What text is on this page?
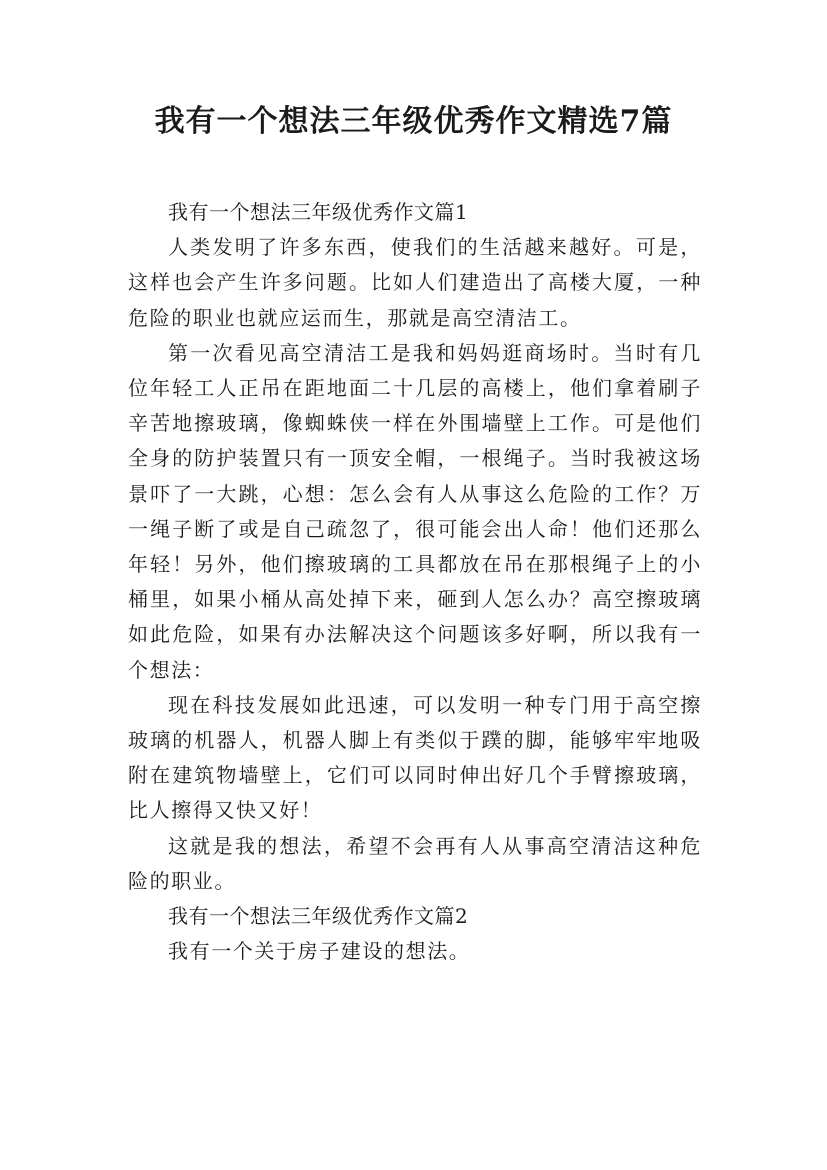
我有一个想法三年级优秀作文精选7篇

我有一个想法三年级优秀作文篇1

人类发明了许多东西，使我们的生活越来越好。可是，这样也会产生许多问题。比如人们建造出了高楼大厦，一种危险的职业也就应运而生，那就是高空清洁工。

第一次看见高空清洁工是我和妈妈逛商场时。当时有几位年轻工人正吊在距地面二十几层的高楼上，他们拿着刷子辛苦地擦玻璃，像蜘蛛侠一样在外围墙壁上工作。可是他们全身的防护装置只有一顶安全帽，一根绳子。当时我被这场景吓了一大跳，心想：怎么会有人从事这么危险的工作？万一绳子断了或是自己疏忽了，很可能会出人命！他们还那么年轻！另外，他们擦玻璃的工具都放在吊在那根绳子上的小桶里，如果小桶从高处掉下来，砸到人怎么办？高空擦玻璃如此危险，如果有办法解决这个问题该多好啊，所以我有一个想法：

现在科技发展如此迅速，可以发明一种专门用于高空擦玻璃的机器人，机器人脚上有类似于蹼的脚，能够牢牢地吸附在建筑物墙壁上，它们可以同时伸出好几个手臂擦玻璃，比人擦得又快又好！

这就是我的想法，希望不会再有人从事高空清洁这种危险的职业。

我有一个想法三年级优秀作文篇2

我有一个关于房子建设的想法。
